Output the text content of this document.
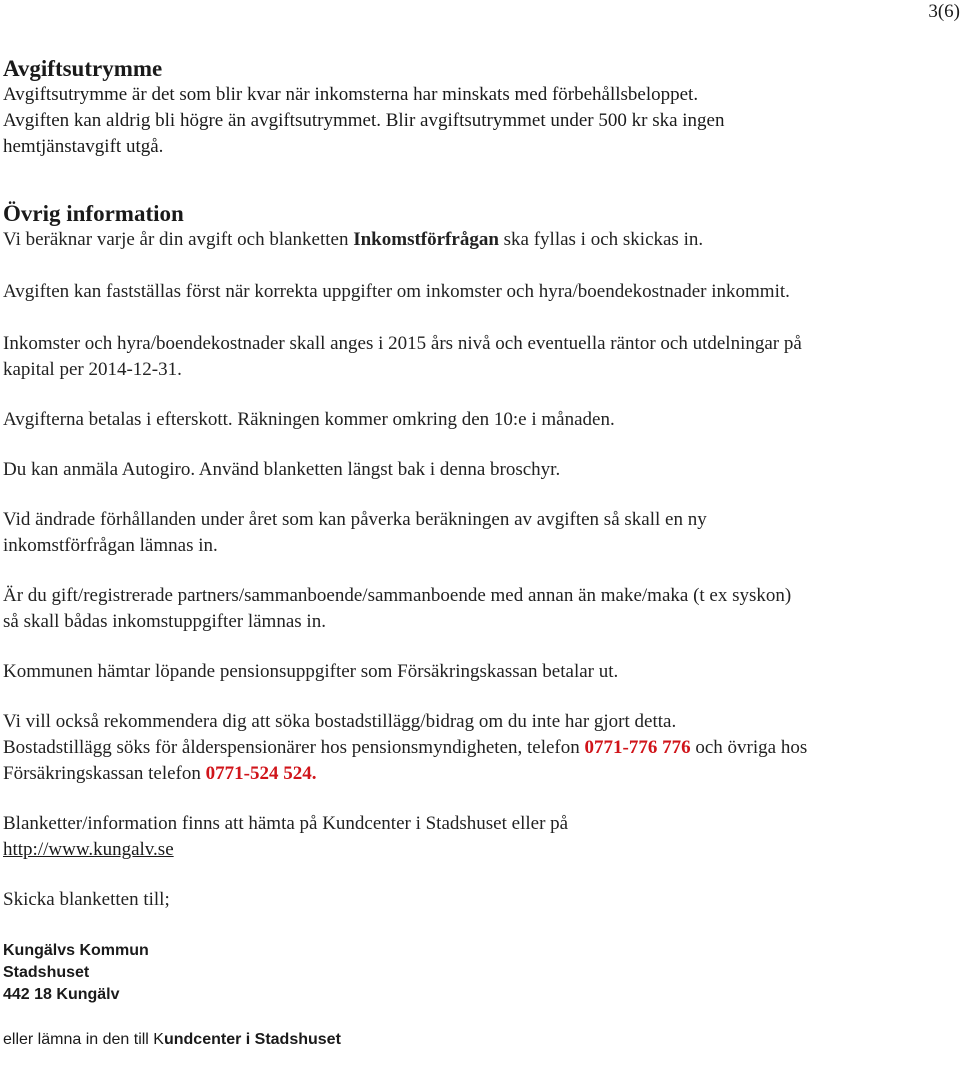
3(6)
Avgiftsutrymme

Avgiftsutrymme är det som blir kvar när inkomsterna har minskats med förbehållsbeloppet.

Avgiften kan aldrig bli högre än avgiftsutrymmet. Blir avgiftsutrymmet under 500 kr ska ingen

hemtjänstavgift utgå.

Övrig information

Vi beräknar varje år din avgift och blanketten Inkomstförfrågan ska fyllas i och skickas in.

Avgiften kan fastställas först när korrekta uppgifter om inkomster och hyra/boendekostnader inkommit.

Inkomster och hyra/boendekostnader skall anges i 2015 års nivå och eventuella räntor och utdelningar på

kapital per 2014-12-31.

Avgifterna betalas i efterskott. Räkningen kommer omkring den 10:e i månaden.

Du kan anmäla Autogiro. Använd blanketten längst bak i denna broschyr.

Vid ändrade förhållanden under året som kan påverka beräkningen av avgiften så skall en ny

inkomstförfrågan lämnas in.

Är du gift/registrerade partners/sammanboende/sammanboende med annan än make/maka (t ex syskon)

så skall bådas inkomstuppgifter lämnas in.

Kommunen hämtar löpande pensionsuppgifter som Försäkringskassan betalar ut.

Vi vill också rekommendera dig att söka bostadstillägg/bidrag om du inte har gjort detta.

Bostadstillägg söks för ålderspensionärer hos pensionsmyndigheten, telefon 0771-776 776 och övriga hos

Försäkringskassan telefon 0771-524 524.

Blanketter/information finns att hämta på Kundcenter i Stadshuset eller på

http://www.kungalv.se

Skicka blanketten till;

Kungälvs Kommun

Stadshuset

442 18 Kungälv

eller lämna in den till Kundcenter i Stadshuset
